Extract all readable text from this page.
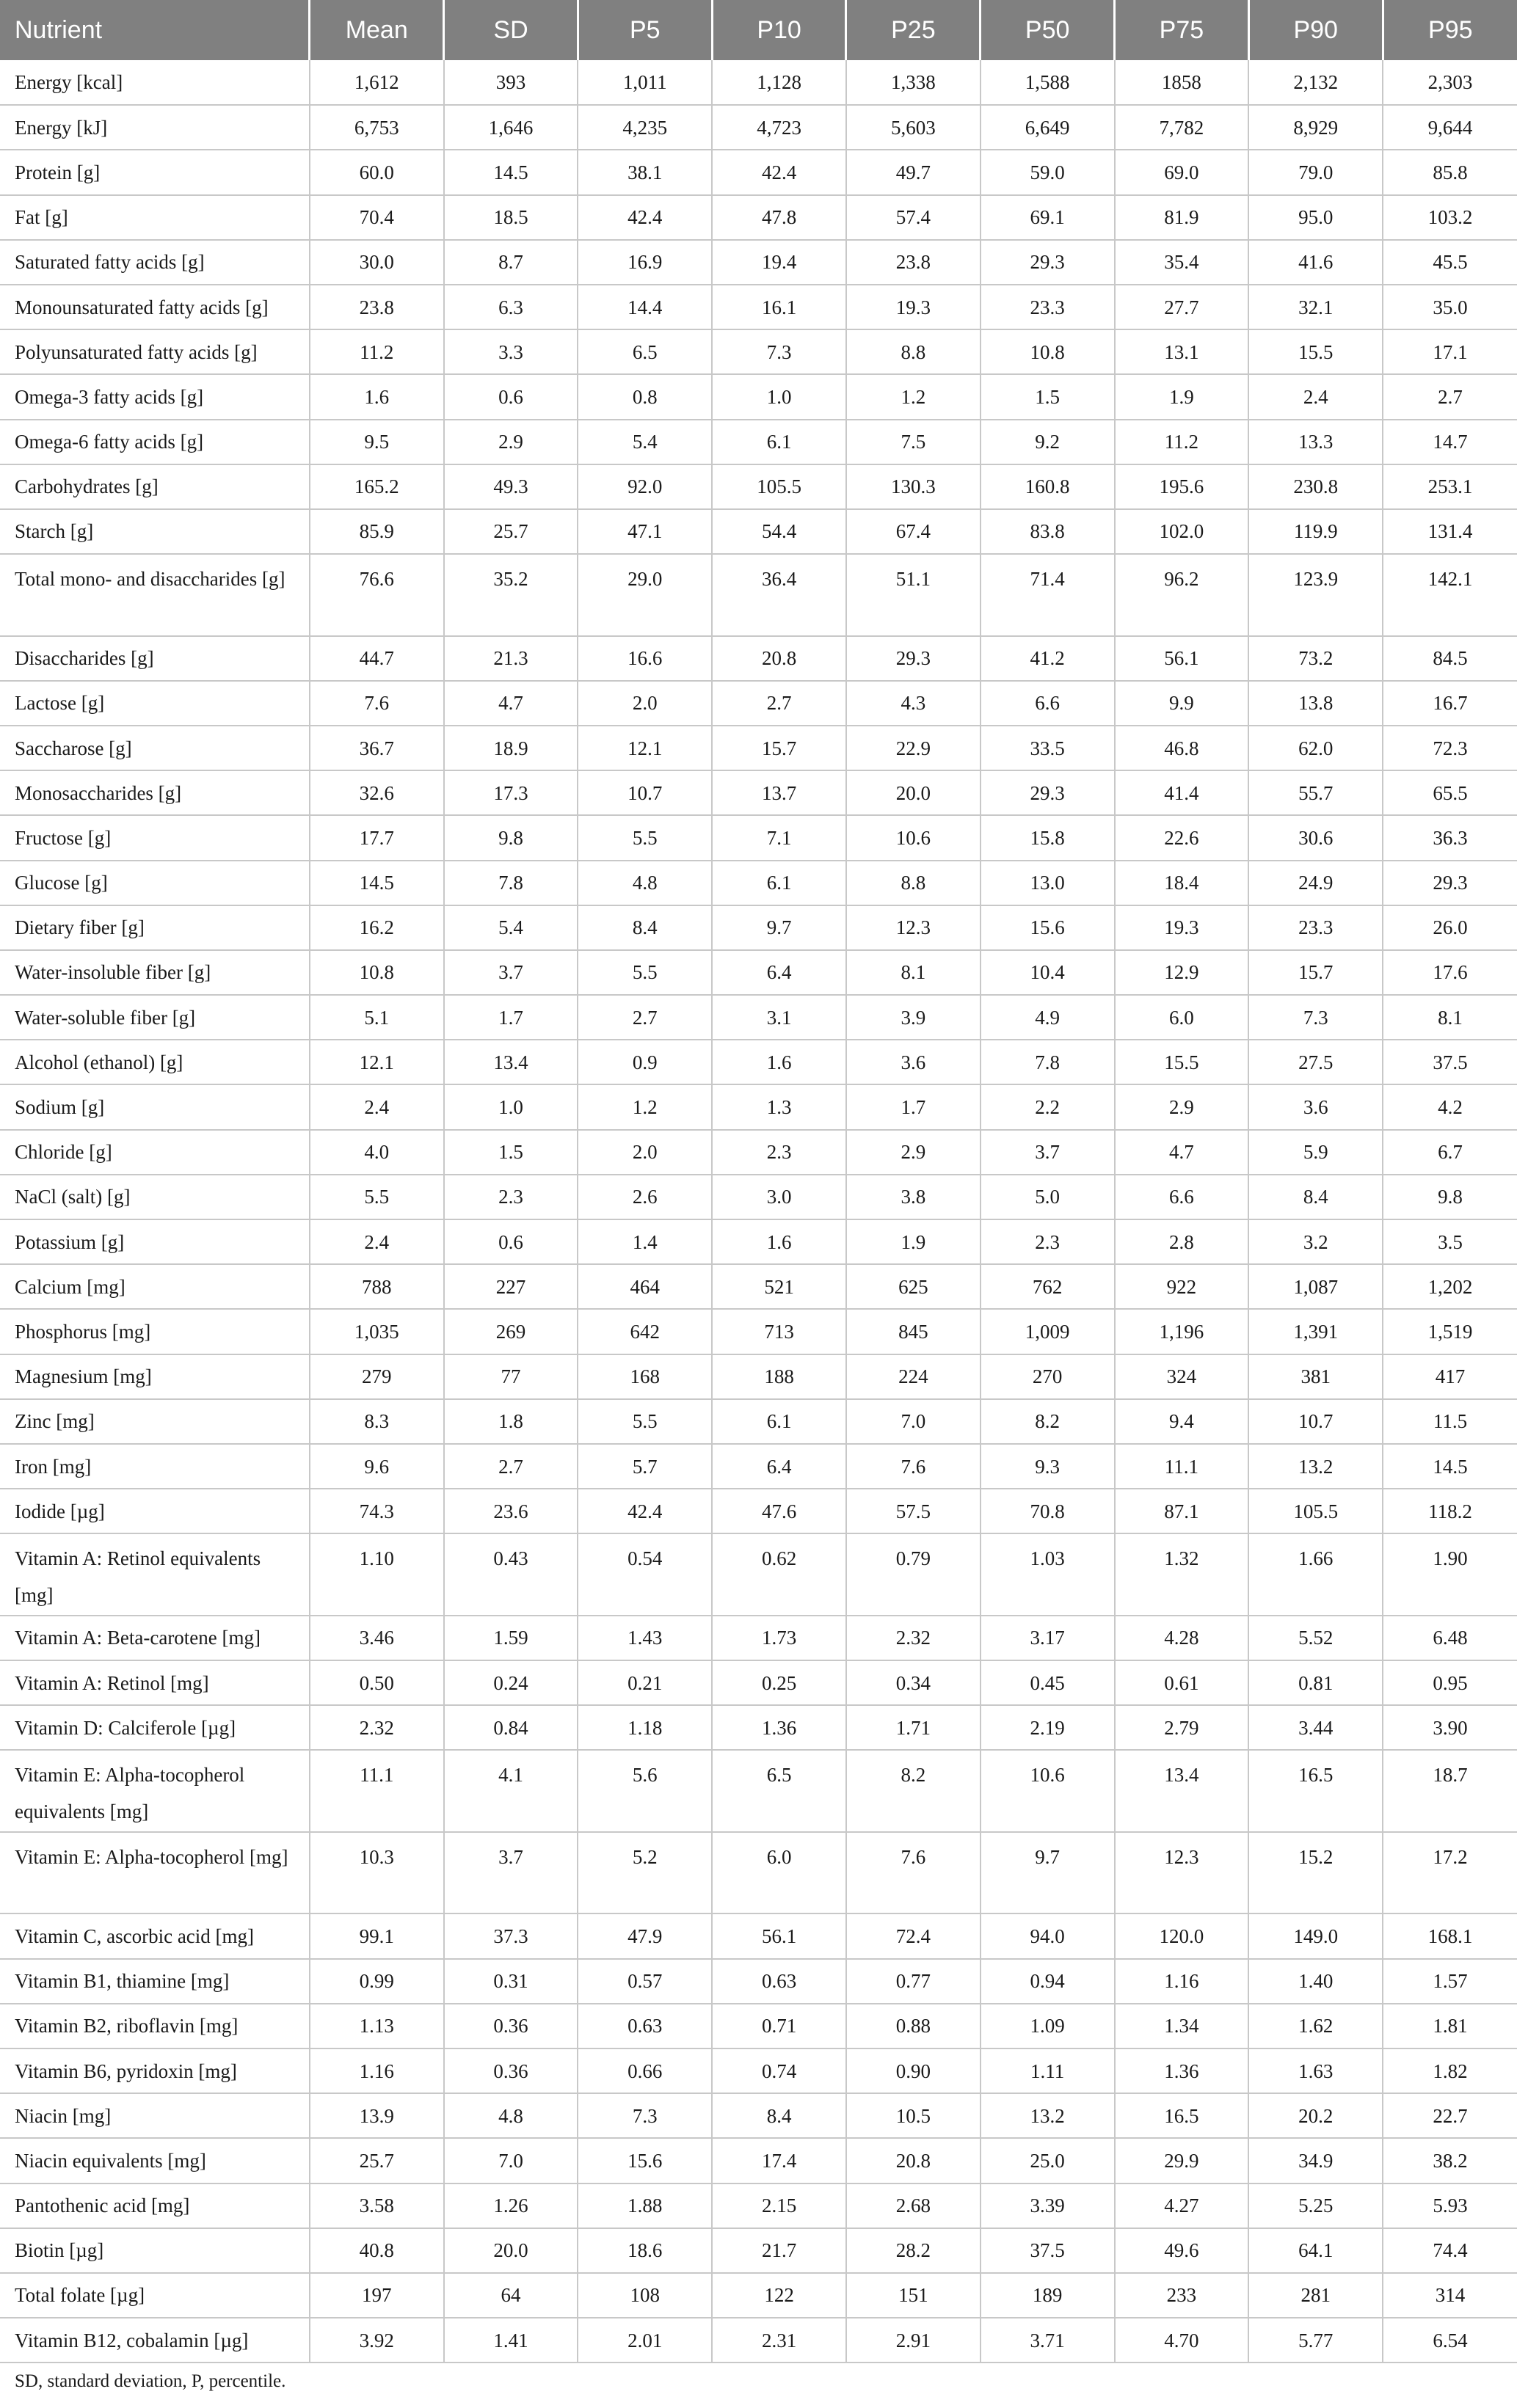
Nutrient	Mean	SD	P5	P10	P25	P50	P75	P90	P95
Energy [kcal]	1,612	393	1,011	1,128	1,338	1,588	1858	2,132	2,303
Energy [kJ]	6,753	1,646	4,235	4,723	5,603	6,649	7,782	8,929	9,644
Protein [g]	60.0	14.5	38.1	42.4	49.7	59.0	69.0	79.0	85.8
Fat [g]	70.4	18.5	42.4	47.8	57.4	69.1	81.9	95.0	103.2
Saturated fatty acids [g]	30.0	8.7	16.9	19.4	23.8	29.3	35.4	41.6	45.5
Monounsaturated fatty acids [g]	23.8	6.3	14.4	16.1	19.3	23.3	27.7	32.1	35.0
Polyunsaturated fatty acids [g]	11.2	3.3	6.5	7.3	8.8	10.8	13.1	15.5	17.1
Omega-3 fatty acids [g]	1.6	0.6	0.8	1.0	1.2	1.5	1.9	2.4	2.7
Omega-6 fatty acids [g]	9.5	2.9	5.4	6.1	7.5	9.2	11.2	13.3	14.7
Carbohydrates [g]	165.2	49.3	92.0	105.5	130.3	160.8	195.6	230.8	253.1
Starch [g]	85.9	25.7	47.1	54.4	67.4	83.8	102.0	119.9	131.4
Total mono- and disaccharides [g]	76.6	35.2	29.0	36.4	51.1	71.4	96.2	123.9	142.1
Disaccharides [g]	44.7	21.3	16.6	20.8	29.3	41.2	56.1	73.2	84.5
Lactose [g]	7.6	4.7	2.0	2.7	4.3	6.6	9.9	13.8	16.7
Saccharose [g]	36.7	18.9	12.1	15.7	22.9	33.5	46.8	62.0	72.3
Monosaccharides [g]	32.6	17.3	10.7	13.7	20.0	29.3	41.4	55.7	65.5
Fructose [g]	17.7	9.8	5.5	7.1	10.6	15.8	22.6	30.6	36.3
Glucose [g]	14.5	7.8	4.8	6.1	8.8	13.0	18.4	24.9	29.3
Dietary fiber [g]	16.2	5.4	8.4	9.7	12.3	15.6	19.3	23.3	26.0
Water-insoluble fiber [g]	10.8	3.7	5.5	6.4	8.1	10.4	12.9	15.7	17.6
Water-soluble fiber [g]	5.1	1.7	2.7	3.1	3.9	4.9	6.0	7.3	8.1
Alcohol (ethanol) [g]	12.1	13.4	0.9	1.6	3.6	7.8	15.5	27.5	37.5
Sodium [g]	2.4	1.0	1.2	1.3	1.7	2.2	2.9	3.6	4.2
Chloride [g]	4.0	1.5	2.0	2.3	2.9	3.7	4.7	5.9	6.7
NaCl (salt) [g]	5.5	2.3	2.6	3.0	3.8	5.0	6.6	8.4	9.8
Potassium [g]	2.4	0.6	1.4	1.6	1.9	2.3	2.8	3.2	3.5
Calcium [mg]	788	227	464	521	625	762	922	1,087	1,202
Phosphorus [mg]	1,035	269	642	713	845	1,009	1,196	1,391	1,519
Magnesium [mg]	279	77	168	188	224	270	324	381	417
Zinc [mg]	8.3	1.8	5.5	6.1	7.0	8.2	9.4	10.7	11.5
Iron [mg]	9.6	2.7	5.7	6.4	7.6	9.3	11.1	13.2	14.5
Iodide [µg]	74.3	23.6	42.4	47.6	57.5	70.8	87.1	105.5	118.2
Vitamin A: Retinol equivalents [mg]	1.10	0.43	0.54	0.62	0.79	1.03	1.32	1.66	1.90
Vitamin A: Beta-carotene [mg]	3.46	1.59	1.43	1.73	2.32	3.17	4.28	5.52	6.48
Vitamin A: Retinol [mg]	0.50	0.24	0.21	0.25	0.34	0.45	0.61	0.81	0.95
Vitamin D: Calciferole [µg]	2.32	0.84	1.18	1.36	1.71	2.19	2.79	3.44	3.90
Vitamin E: Alpha-tocopherol equivalents [mg]	11.1	4.1	5.6	6.5	8.2	10.6	13.4	16.5	18.7
Vitamin E: Alpha-tocopherol [mg]	10.3	3.7	5.2	6.0	7.6	9.7	12.3	15.2	17.2
Vitamin C, ascorbic acid [mg]	99.1	37.3	47.9	56.1	72.4	94.0	120.0	149.0	168.1
Vitamin B1, thiamine [mg]	0.99	0.31	0.57	0.63	0.77	0.94	1.16	1.40	1.57
Vitamin B2, riboflavin [mg]	1.13	0.36	0.63	0.71	0.88	1.09	1.34	1.62	1.81
Vitamin B6, pyridoxin [mg]	1.16	0.36	0.66	0.74	0.90	1.11	1.36	1.63	1.82
Niacin [mg]	13.9	4.8	7.3	8.4	10.5	13.2	16.5	20.2	22.7
Niacin equivalents [mg]	25.7	7.0	15.6	17.4	20.8	25.0	29.9	34.9	38.2
Pantothenic acid [mg]	3.58	1.26	1.88	2.15	2.68	3.39	4.27	5.25	5.93
Biotin [µg]	40.8	20.0	18.6	21.7	28.2	37.5	49.6	64.1	74.4
Total folate [µg]	197	64	108	122	151	189	233	281	314
Vitamin B12, cobalamin [µg]	3.92	1.41	2.01	2.31	2.91	3.71	4.70	5.77	6.54
SD, standard deviation, P, percentile.
